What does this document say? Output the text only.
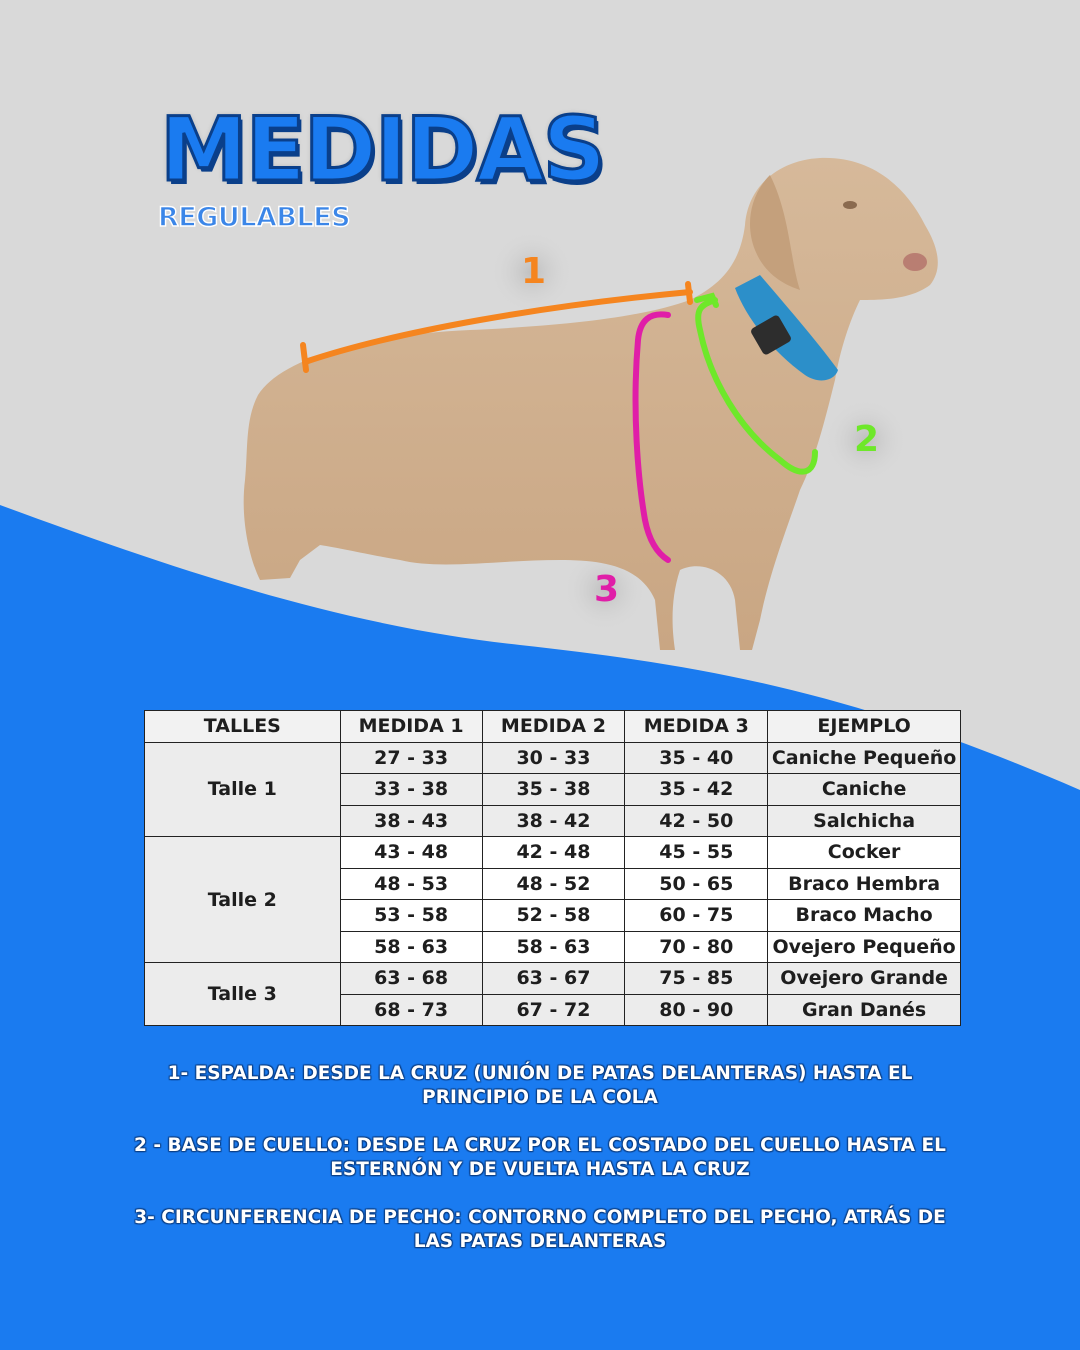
MEDIDAS
REGULABLES
1
2
3
TALLES	MEDIDA 1	MEDIDA 2	MEDIDA 3	EJEMPLO
Talle 1	27 - 33	30 - 33	35 - 40	Caniche Pequeño
	33 - 38	35 - 38	35 - 42	Caniche
	38 - 43	38 - 42	42 - 50	Salchicha
Talle 2	43 - 48	42 - 48	45 - 55	Cocker
	48 - 53	48 - 52	50 - 65	Braco Hembra
	53 - 58	52 - 58	60 - 75	Braco Macho
	58 - 63	58 - 63	70 - 80	Ovejero Pequeño
Talle 3	63 - 68	63 - 67	75 - 85	Ovejero Grande
	68 - 73	67 - 72	80 - 90	Gran Danés

1- ESPALDA: DESDE LA CRUZ (UNIÓN DE PATAS DELANTERAS) HASTA EL PRINCIPIO DE LA COLA

2 - BASE DE CUELLO: DESDE LA CRUZ POR EL COSTADO DEL CUELLO HASTA EL ESTERNÓN Y DE VUELTA HASTA LA CRUZ

3- CIRCUNFERENCIA DE PECHO: CONTORNO COMPLETO DEL PECHO, ATRÁS DE LAS PATAS DELANTERAS
